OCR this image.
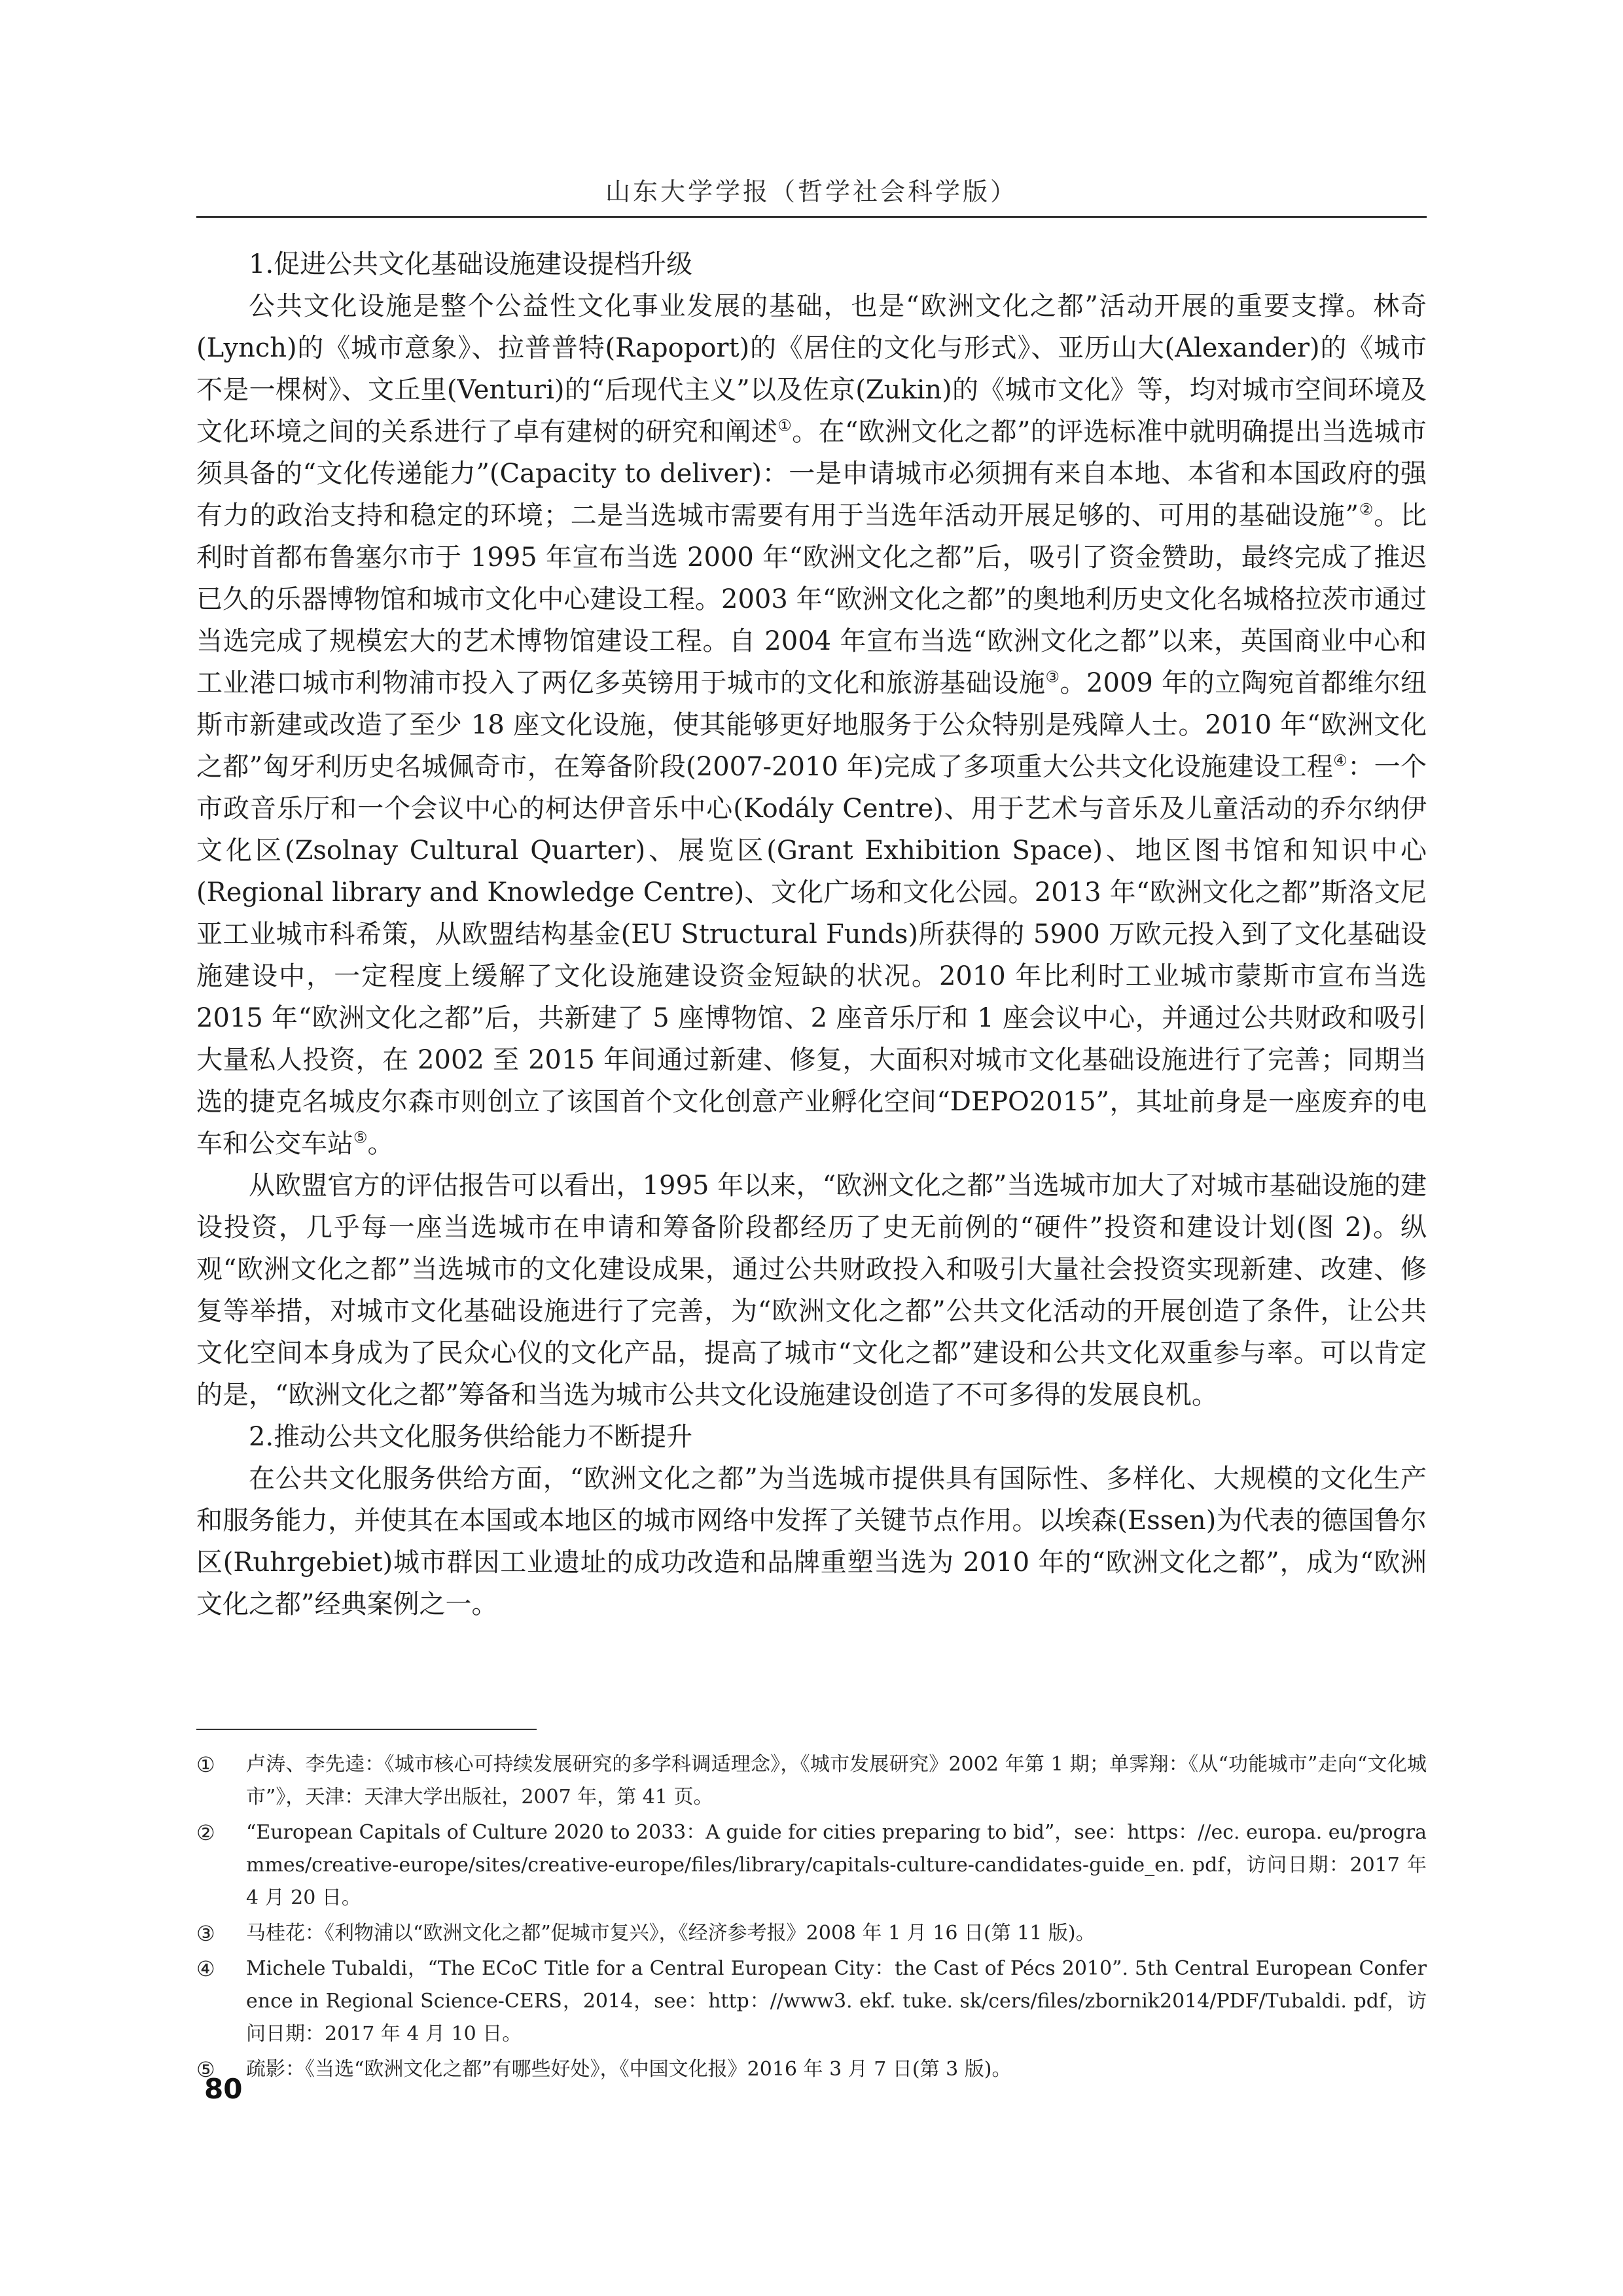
山东大学学报（哲学社会科学版）

1.促进公共文化基础设施建设提档升级

公共文化设施是整个公益性文化事业发展的基础，也是“欧洲文化之都”活动开展的重要支撑。林奇(Lynch)的《城市意象》、拉普普特(Rapoport)的《居住的文化与形式》、亚历山大(Alexander)的《城市不是一棵树》、文丘里(Venturi)的“后现代主义”以及佐京(Zukin)的《城市文化》等，均对城市空间环境及文化环境之间的关系进行了卓有建树的研究和阐述①。在“欧洲文化之都”的评选标准中就明确提出当选城市须具备的“文化传递能力”(Capacity to deliver)：一是申请城市必须拥有来自本地、本省和本国政府的强有力的政治支持和稳定的环境；二是当选城市需要有用于当选年活动开展足够的、可用的基础设施”②。比利时首都布鲁塞尔市于 1995 年宣布当选 2000 年“欧洲文化之都”后，吸引了资金赞助，最终完成了推迟已久的乐器博物馆和城市文化中心建设工程。2003 年“欧洲文化之都”的奥地利历史文化名城格拉茨市通过当选完成了规模宏大的艺术博物馆建设工程。自 2004 年宣布当选“欧洲文化之都”以来，英国商业中心和工业港口城市利物浦市投入了两亿多英镑用于城市的文化和旅游基础设施③。2009 年的立陶宛首都维尔纽斯市新建或改造了至少 18 座文化设施，使其能够更好地服务于公众特别是残障人士。2010 年“欧洲文化之都”匈牙利历史名城佩奇市，在筹备阶段(2007-2010 年)完成了多项重大公共文化设施建设工程④：一个市政音乐厅和一个会议中心的柯达伊音乐中心(Kodály Centre)、用于艺术与音乐及儿童活动的乔尔纳伊文化区(Zsolnay Cultural Quarter)、展览区(Grant Exhibition Space)、地区图书馆和知识中心(Regional library and Knowledge Centre)、文化广场和文化公园。2013 年“欧洲文化之都”斯洛文尼亚工业城市科希策，从欧盟结构基金(EU Structural Funds)所获得的 5900 万欧元投入到了文化基础设施建设中，一定程度上缓解了文化设施建设资金短缺的状况。2010 年比利时工业城市蒙斯市宣布当选 2015 年“欧洲文化之都”后，共新建了 5 座博物馆、2 座音乐厅和 1 座会议中心，并通过公共财政和吸引大量私人投资，在 2002 至 2015 年间通过新建、修复，大面积对城市文化基础设施进行了完善；同期当选的捷克名城皮尔森市则创立了该国首个文化创意产业孵化空间“DEPO2015”，其址前身是一座废弃的电车和公交车站⑤。

从欧盟官方的评估报告可以看出，1995 年以来，“欧洲文化之都”当选城市加大了对城市基础设施的建设投资，几乎每一座当选城市在申请和筹备阶段都经历了史无前例的“硬件”投资和建设计划(图 2)。纵观“欧洲文化之都”当选城市的文化建设成果，通过公共财政投入和吸引大量社会投资实现新建、改建、修复等举措，对城市文化基础设施进行了完善，为“欧洲文化之都”公共文化活动的开展创造了条件，让公共文化空间本身成为了民众心仪的文化产品，提高了城市“文化之都”建设和公共文化双重参与率。可以肯定的是，“欧洲文化之都”筹备和当选为城市公共文化设施建设创造了不可多得的发展良机。

2.推动公共文化服务供给能力不断提升

在公共文化服务供给方面，“欧洲文化之都”为当选城市提供具有国际性、多样化、大规模的文化生产和服务能力，并使其在本国或本地区的城市网络中发挥了关键节点作用。以埃森(Essen)为代表的德国鲁尔区(Ruhrgebiet)城市群因工业遗址的成功改造和品牌重塑当选为 2010 年的“欧洲文化之都”，成为“欧洲文化之都”经典案例之一。

①	卢涛、李先逵：《城市核心可持续发展研究的多学科调适理念》，《城市发展研究》2002 年第 1 期；单霁翔：《从“功能城市”走向“文化城市”》，天津：天津大学出版社，2007 年，第 41 页。
②	“European Capitals of Culture 2020 to 2033：A guide for cities preparing to bid”，see：https：//ec. europa. eu/programmes/creative-europe/sites/creative-europe/files/library/capitals-culture-candidates-guide_en. pdf，访问日期：2017 年 4 月 20 日。
③	马桂花：《利物浦以“欧洲文化之都”促城市复兴》，《经济参考报》2008 年 1 月 16 日(第 11 版)。
④	Michele Tubaldi，“The ECoC Title for a Central European City：the Cast of Pécs 2010”. 5th Central European Conference in Regional Science-CERS，2014，see：http：//www3. ekf. tuke. sk/cers/files/zbornik2014/PDF/Tubaldi. pdf，访问日期：2017 年 4 月 10 日。
⑤	疏影：《当选“欧洲文化之都”有哪些好处》，《中国文化报》2016 年 3 月 7 日(第 3 版)。
80
